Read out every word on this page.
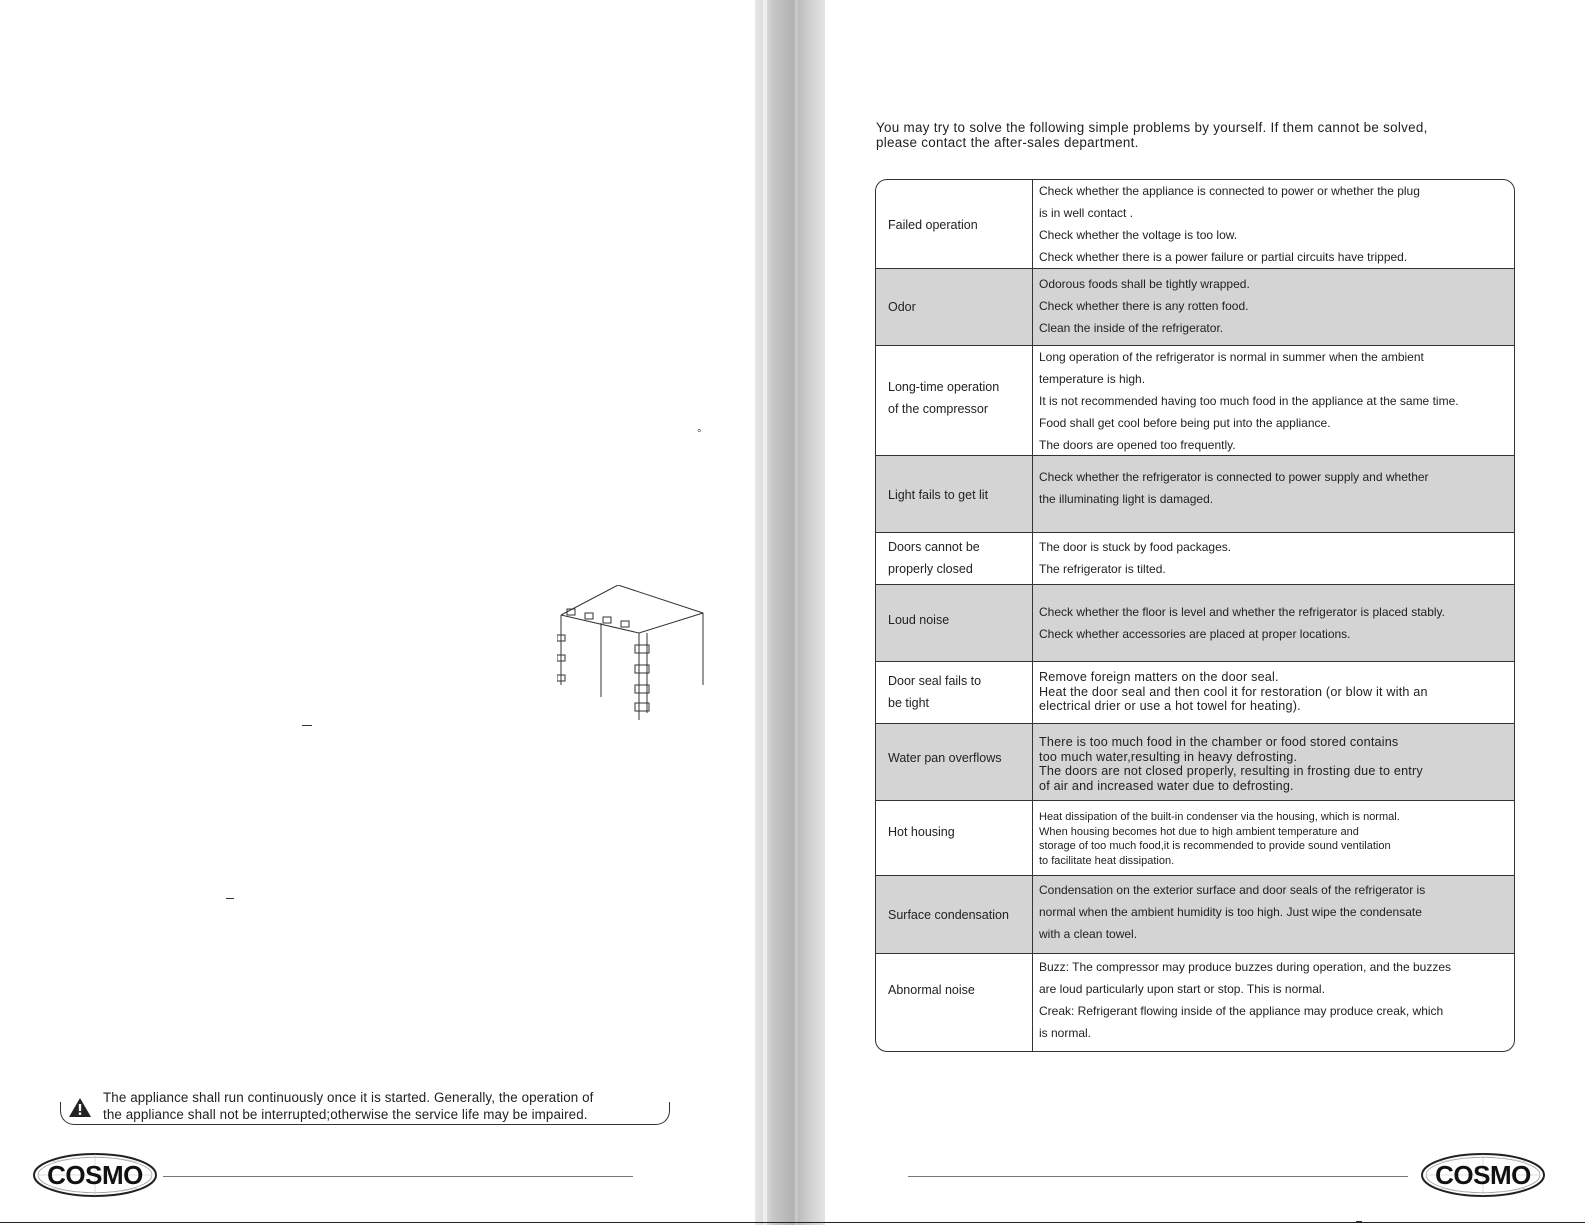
°
The appliance shall run continuously once it is started. Generally, the operation of
the appliance shall not be interrupted;otherwise the service life may be impaired.
COSMO
You may try to solve the following simple problems by yourself. If them cannot be solved,
please contact the after-sales department.
Failed operation
Check whether the appliance is connected to power or whether the plug
is in well contact .
Check whether the voltage is too low.
Check whether there is a power failure or partial circuits have tripped.
Odor
Odorous foods shall be tightly wrapped.
Check whether there is any rotten food.
Clean the inside of the refrigerator.
Long-time operation
of the compressor
Long operation of the refrigerator is normal in summer when the ambient
temperature is high.
It is not recommended having too much food in the appliance at the same time.
Food shall get cool before being put into the appliance.
The doors are opened too frequently.
Light fails to get lit
Check whether the refrigerator is connected to power supply and whether
the illuminating light is damaged.
Doors cannot be
properly closed
The door is stuck by food packages.
The refrigerator is tilted.
Loud noise
Check whether the floor is level and whether the refrigerator is placed stably.
Check whether accessories are placed at proper locations.
Door seal fails to
be tight
Remove foreign matters on the door seal.
Heat the door seal and then cool it for restoration (or blow it with an
electrical drier or use a hot towel for heating).
Water pan overflows
There is too much food in the chamber or food stored contains
too much water,resulting in heavy defrosting.
The doors are not closed properly, resulting in frosting due to entry
of air and increased water due to defrosting.
Hot housing
Heat dissipation of the built-in condenser via the housing, which is normal.
When housing becomes hot due to high ambient temperature and
storage of too much food,it is recommended to provide sound ventilation
to facilitate heat dissipation.
Surface condensation
Condensation on the exterior surface and door seals of the refrigerator is
normal when the ambient humidity is too high. Just wipe the condensate
with a clean towel.
Abnormal noise
Buzz: The compressor may produce buzzes during operation, and the buzzes
are loud particularly upon start or stop. This is normal.
Creak: Refrigerant flowing inside of the appliance may produce creak, which
is normal.
COSMO
